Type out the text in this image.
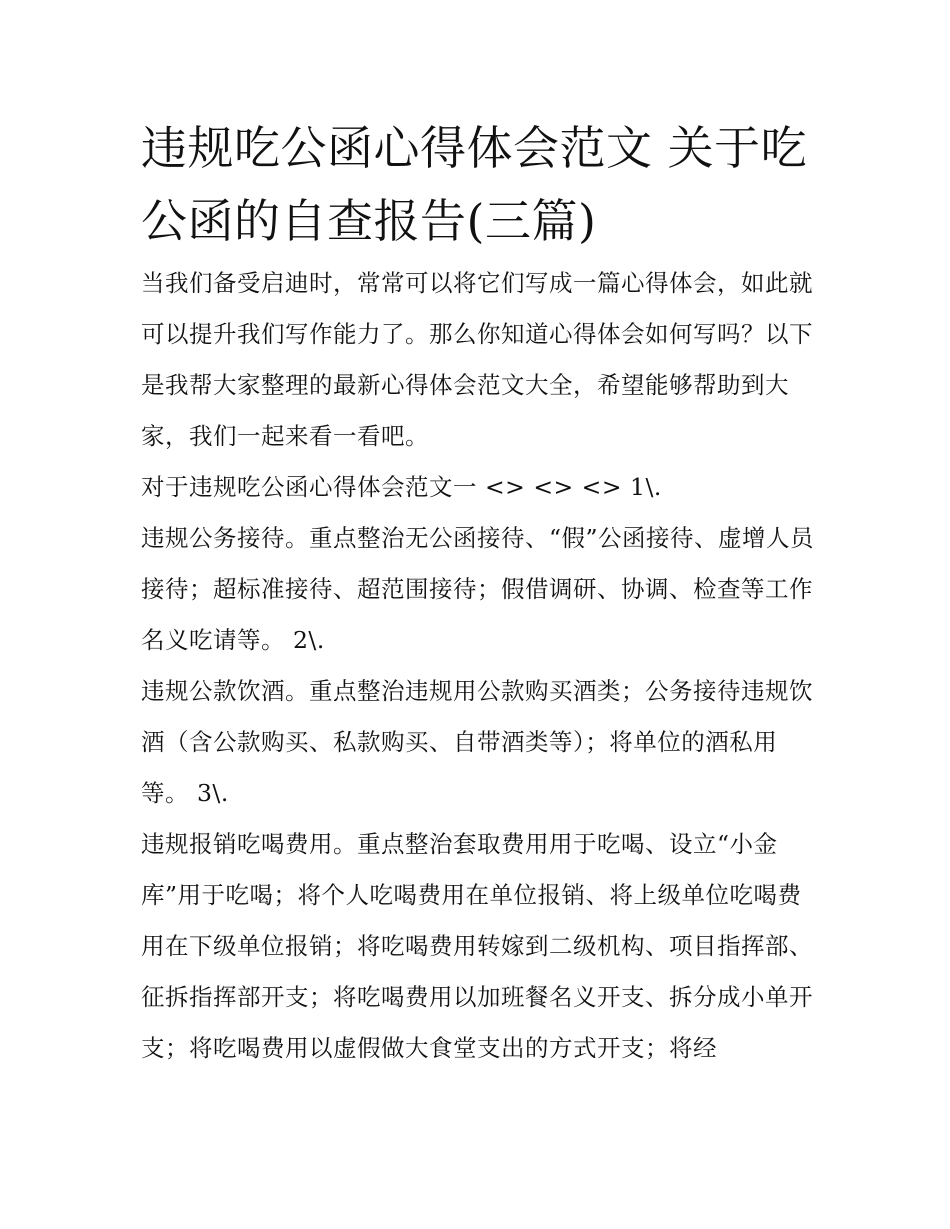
违规吃公函心得体会范文 关于吃公函的自查报告(三篇)

当我们备受启迪时，常常可以将它们写成一篇心得体会，如此就可以提升我们写作能力了。那么你知道心得体会如何写吗？以下是我帮大家整理的最新心得体会范文大全，希望能够帮助到大家，我们一起来看一看吧。

对于违规吃公函心得体会范文一 <> <> <> 1\.

违规公务接待。重点整治无公函接待、“假”公函接待、虚增人员接待；超标准接待、超范围接待；假借调研、协调、检查等工作名义吃请等。 2\.

违规公款饮酒。重点整治违规用公款购买酒类；公务接待违规饮酒（含公款购买、私款购买、自带酒类等）；将单位的酒私用等。 3\.

违规报销吃喝费用。重点整治套取费用用于吃喝、设立“小金库”用于吃喝；将个人吃喝费用在单位报销、将上级单位吃喝费用在下级单位报销；将吃喝费用转嫁到二级机构、项目指挥部、征拆指挥部开支；将吃喝费用以加班餐名义开支、拆分成小单开支；将吃喝费用以虚假做大食堂支出的方式开支；将经
